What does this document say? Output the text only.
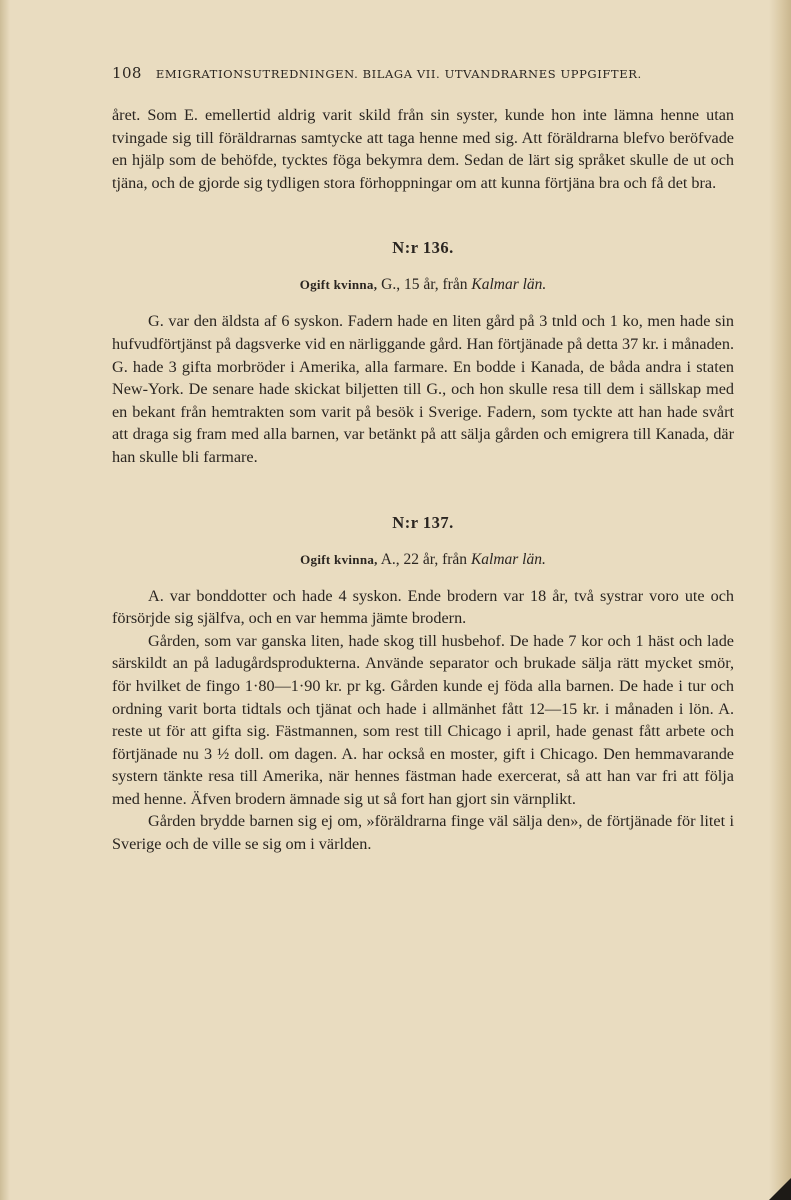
108 EMIGRATIONSUTREDNINGEN. BILAGA VII. UTVANDRARNES UPPGIFTER.

året. Som E. emellertid aldrig varit skild från sin syster, kunde hon inte lämna henne utan tvingade sig till föräldrarnas samtycke att taga henne med sig. Att föräldrarna blefvo beröfvade en hjälp som de behöfde, tycktes föga bekymra dem. Sedan de lärt sig språket skulle de ut och tjäna, och de gjorde sig tydligen stora förhoppningar om att kunna förtjäna bra och få det bra.

N:r 136.
Ogift kvinna, G., 15 år, från Kalmar län.

G. var den äldsta af 6 syskon. Fadern hade en liten gård på 3 tnld och 1 ko, men hade sin hufvudförtjänst på dagsverke vid en närliggande gård. Han förtjänade på detta 37 kr. i månaden. G. hade 3 gifta morbröder i Amerika, alla farmare. En bodde i Kanada, de båda andra i staten New-York. De senare hade skickat biljetten till G., och hon skulle resa till dem i sällskap med en bekant från hemtrakten som varit på besök i Sverige. Fadern, som tyckte att han hade svårt att draga sig fram med alla barnen, var betänkt på att sälja gården och emigrera till Kanada, där han skulle bli farmare.

N:r 137.
Ogift kvinna, A., 22 år, från Kalmar län.

A. var bonddotter och hade 4 syskon. Ende brodern var 18 år, två systrar voro ute och försörjde sig själfva, och en var hemma jämte brodern.

Gården, som var ganska liten, hade skog till husbehof. De hade 7 kor och 1 häst och lade särskildt an på ladugårdsprodukterna. Använde separator och brukade sälja rätt mycket smör, för hvilket de fingo 1·80—1·90 kr. pr kg. Gården kunde ej föda alla barnen. De hade i tur och ordning varit borta tidtals och tjänat och hade i allmänhet fått 12—15 kr. i månaden i lön. A. reste ut för att gifta sig. Fästmannen, som rest till Chicago i april, hade genast fått arbete och förtjänade nu 3 ½ doll. om dagen. A. har också en moster, gift i Chicago. Den hemmavarande systern tänkte resa till Amerika, när hennes fästman hade exercerat, så att han var fri att följa med henne. Äfven brodern ämnade sig ut så fort han gjort sin värnplikt.

Gården brydde barnen sig ej om, »föräldrarna finge väl sälja den», de förtjänade för litet i Sverige och de ville se sig om i världen.
